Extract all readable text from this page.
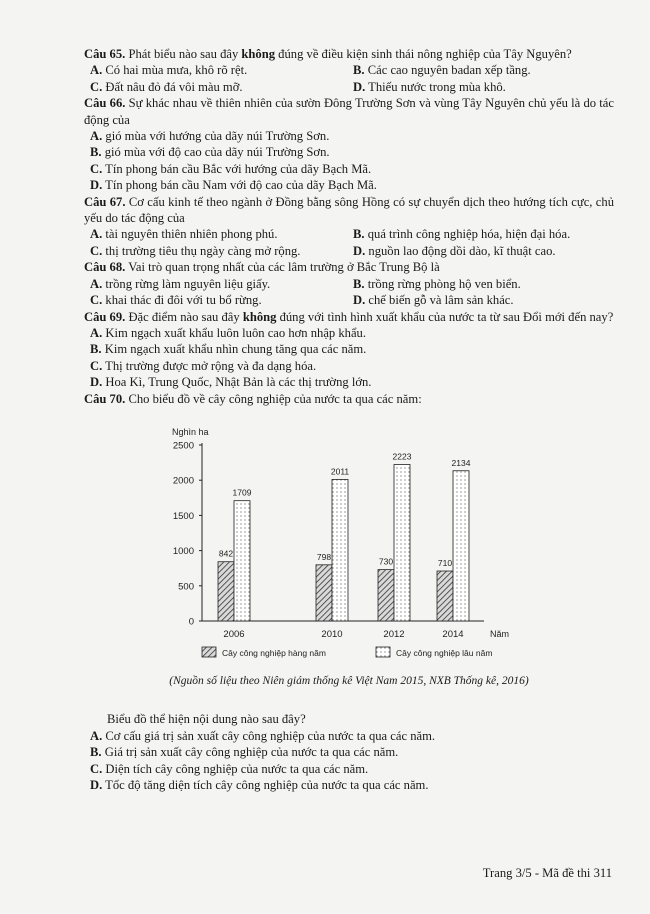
Câu 65. Phát biểu nào sau đây không đúng về điều kiện sinh thái nông nghiệp của Tây Nguyên?

A. Có hai mùa mưa, khô rõ rệt.	B. Các cao nguyên badan xếp tầng.
C. Đất nâu đỏ đá vôi màu mỡ.	D. Thiếu nước trong mùa khô.

Câu 66. Sự khác nhau về thiên nhiên của sườn Đông Trường Sơn và vùng Tây Nguyên chủ yếu là do tác động của

A. gió mùa với hướng của dãy núi Trường Sơn.
B. gió mùa với độ cao của dãy núi Trường Sơn.
C. Tín phong bán cầu Bắc với hướng của dãy Bạch Mã.
D. Tín phong bán cầu Nam với độ cao của dãy Bạch Mã.

Câu 67. Cơ cấu kinh tế theo ngành ở Đồng bằng sông Hồng có sự chuyển dịch theo hướng tích cực, chủ yếu do tác động của

A. tài nguyên thiên nhiên phong phú.	B. quá trình công nghiệp hóa, hiện đại hóa.
C. thị trường tiêu thụ ngày càng mở rộng.	D. nguồn lao động dồi dào, kĩ thuật cao.

Câu 68. Vai trò quan trọng nhất của các lâm trường ở Bắc Trung Bộ là

A. trồng rừng làm nguyên liệu giấy.	B. trồng rừng phòng hộ ven biển.
C. khai thác đi đôi với tu bổ rừng.	D. chế biến gỗ và lâm sản khác.

Câu 69. Đặc điểm nào sau đây không đúng với tình hình xuất khẩu của nước ta từ sau Đổi mới đến nay?

A. Kim ngạch xuất khẩu luôn luôn cao hơn nhập khẩu.
B. Kim ngạch xuất khẩu nhìn chung tăng qua các năm.
C. Thị trường được mở rộng và đa dạng hóa.
D. Hoa Kì, Trung Quốc, Nhật Bản là các thị trường lớn.

Câu 70. Cho biểu đồ về cây công nghiệp của nước ta qua các năm:

0
500
1000
1500
2000
2500
Nghìn ha
Năm
2006
842
1709
2010
798
2011
2012
730
2223
2014
710
2134
Cây công nghiệp hàng năm	Cây công nghiệp lâu năm
(Nguồn số liệu theo Niên giám thống kê Việt Nam 2015, NXB Thống kê, 2016)
Biểu đồ thể hiện nội dung nào sau đây?
A. Cơ cấu giá trị sản xuất cây công nghiệp của nước ta qua các năm.
B. Giá trị sản xuất cây công nghiệp của nước ta qua các năm.
C. Diện tích cây công nghiệp của nước ta qua các năm.
D. Tốc độ tăng diện tích cây công nghiệp của nước ta qua các năm.
Trang 3/5 - Mã đề thi 311
